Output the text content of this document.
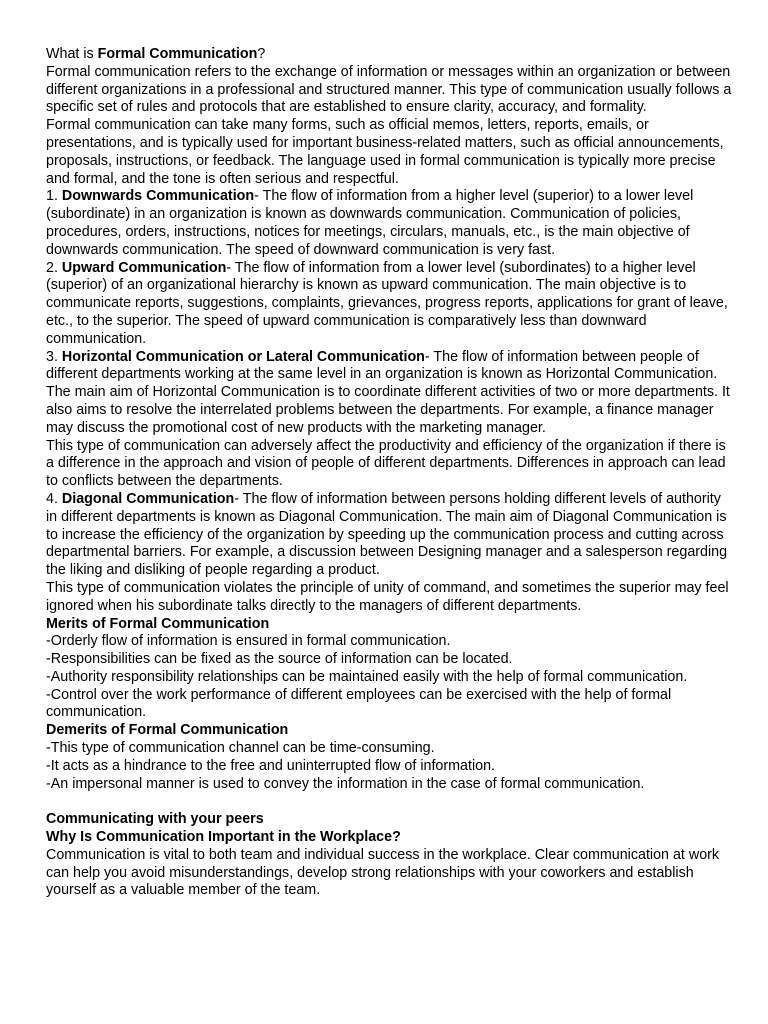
What is Formal Communication?

Formal communication refers to the exchange of information or messages within an organization or between different organizations in a professional and structured manner. This type of communication usually follows a specific set of rules and protocols that are established to ensure clarity, accuracy, and formality.

Formal communication can take many forms, such as official memos, letters, reports, emails, or presentations, and is typically used for important business-related matters, such as official announcements, proposals, instructions, or feedback. The language used in formal communication is typically more precise and formal, and the tone is often serious and respectful.

1. Downwards Communication- The flow of information from a higher level (superior) to a lower level (subordinate) in an organization is known as downwards communication. Communication of policies, procedures, orders, instructions, notices for meetings, circulars, manuals, etc., is the main objective of downwards communication. The speed of downward communication is very fast.

2. Upward Communication- The flow of information from a lower level (subordinates) to a higher level (superior) of an organizational hierarchy is known as upward communication. The main objective is to communicate reports, suggestions, complaints, grievances, progress reports, applications for grant of leave, etc., to the superior. The speed of upward communication is comparatively less than downward communication.

3. Horizontal Communication or Lateral Communication- The flow of information between people of different departments working at the same level in an organization is known as Horizontal Communication. The main aim of Horizontal Communication is to coordinate different activities of two or more departments. It also aims to resolve the interrelated problems between the departments. For example, a finance manager may discuss the promotional cost of new products with the marketing manager.

This type of communication can adversely affect the productivity and efficiency of the organization if there is a difference in the approach and vision of people of different departments. Differences in approach can lead to conflicts between the departments.

4. Diagonal Communication- The flow of information between persons holding different levels of authority in different departments is known as Diagonal Communication. The main aim of Diagonal Communication is to increase the efficiency of the organization by speeding up the communication process and cutting across departmental barriers. For example, a discussion between Designing manager and a salesperson regarding the liking and disliking of people regarding a product.

This type of communication violates the principle of unity of command, and sometimes the superior may feel ignored when his subordinate talks directly to the managers of different departments.

Merits of Formal Communication

-Orderly flow of information is ensured in formal communication.

-Responsibilities can be fixed as the source of information can be located.

-Authority responsibility relationships can be maintained easily with the help of formal communication.

-Control over the work performance of different employees can be exercised with the help of formal communication.

Demerits of Formal Communication

-This type of communication channel can be time-consuming.

-It acts as a hindrance to the free and uninterrupted flow of information.

-An impersonal manner is used to convey the information in the case of formal communication.

Communicating with your peers

Why Is Communication Important in the Workplace?

Communication is vital to both team and individual success in the workplace. Clear communication at work can help you avoid misunderstandings, develop strong relationships with your coworkers and establish yourself as a valuable member of the team.
